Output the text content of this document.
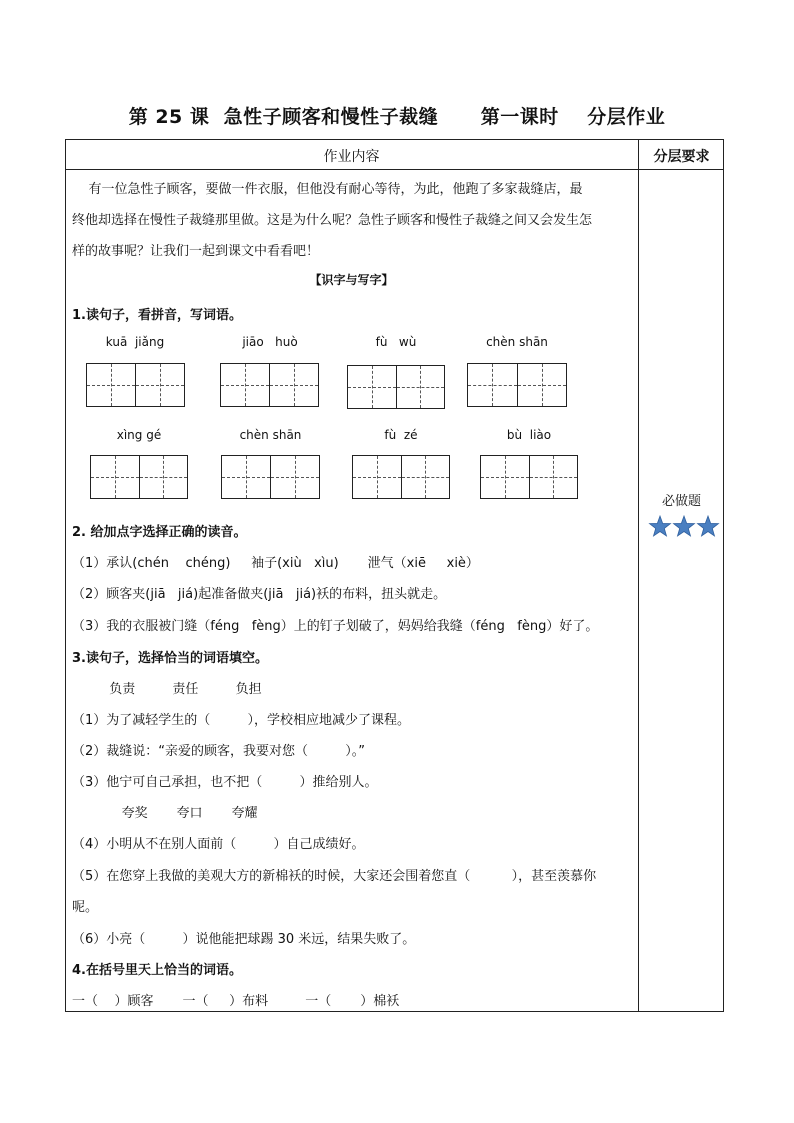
第 25 课  急性子顾客和慢性子裁缝      第一课时    分层作业
作业内容	分层要求
有一位急性子顾客，要做一件衣服，但他没有耐心等待，为此，他跑了多家裁缝店，最
终他却选择在慢性子裁缝那里做。这是为什么呢？急性子顾客和慢性子裁缝之间又会发生怎
样的故事呢？让我们一起到课文中看看吧！
【识字与写字】
1.读句子，看拼音，写词语。
kuā  jiǎng	jiāo   huò	fù   wù	chèn shān
xìng gé	chèn shān	fù  zé	bù  liào
2. 给加点字选择正确的读音。
（1）承认(chén    chéng)     袖子(xiù   xìu)       泄气（xiē     xiè）
（2）顾客夹(jiā   jiá)起准备做夹(jiā   jiá)袄的布料，扭头就走。
（3）我的衣服被门缝（féng   fèng）上的钉子划破了，妈妈给我缝（féng   fèng）好了。
3.读句子，选择恰当的词语填空。
负责         责任         负担
（1）为了减轻学生的（         ），学校相应地减少了课程。
（2）裁缝说：“亲爱的顾客，我要对您（         ）。”
（3）他宁可自己承担，也不把（         ）推给别人。
夸奖       夸口       夸耀
（4）小明从不在别人面前（         ）自己成绩好。
（5）在您穿上我做的美观大方的新棉袄的时候，大家还会围着您直（          ），甚至羡慕你
呢。
（6）小亮（         ）说他能把球踢 30 米远，结果失败了。
4.在括号里天上恰当的词语。
一（    ）顾客       一（     ）布料         一（       ）棉袄
必做题
